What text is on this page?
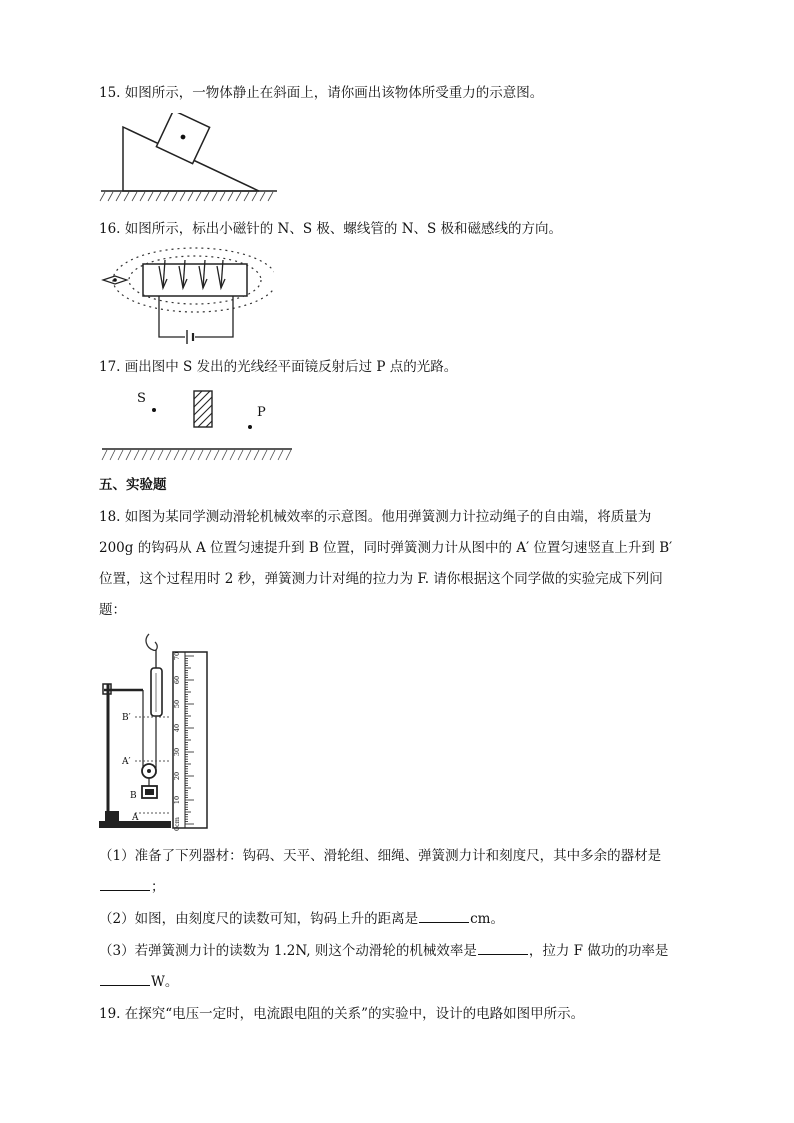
15. 如图所示，一物体静止在斜面上，请你画出该物体所受重力的示意图。
16. 如图所示，标出小磁针的 N、S 极、螺线管的 N、S 极和磁感线的方向。
17. 画出图中 S 发出的光线经平面镜反射后过 P 点的光路。
S
P
五、实验题
18. 如图为某同学测动滑轮机械效率的示意图。他用弹簧测力计拉动绳子的自由端，将质量为
200g 的钩码从 A 位置匀速提升到 B 位置，同时弹簧测力计从图中的 A′ 位置匀速竖直上升到 B′
位置，这个过程用时 2 秒，弹簧测力计对绳的拉力为 F. 请你根据这个同学做的实验完成下列问
题：
B′
A′
B
A	0cm
10
20
30
40
50
60
70
（1）准备了下列器材：钩码、天平、滑轮组、细绳、弹簧测力计和刻度尺，其中多余的器材是
；
（2）如图，由刻度尺的读数可知，钩码上升的距离是	cm。
（3）若弹簧测力计的读数为 1.2N, 则这个动滑轮的机械效率是	，拉力 F 做功的功率是
W。
19. 在探究“电压一定时，电流跟电阻的关系”的实验中，设计的电路如图甲所示。
